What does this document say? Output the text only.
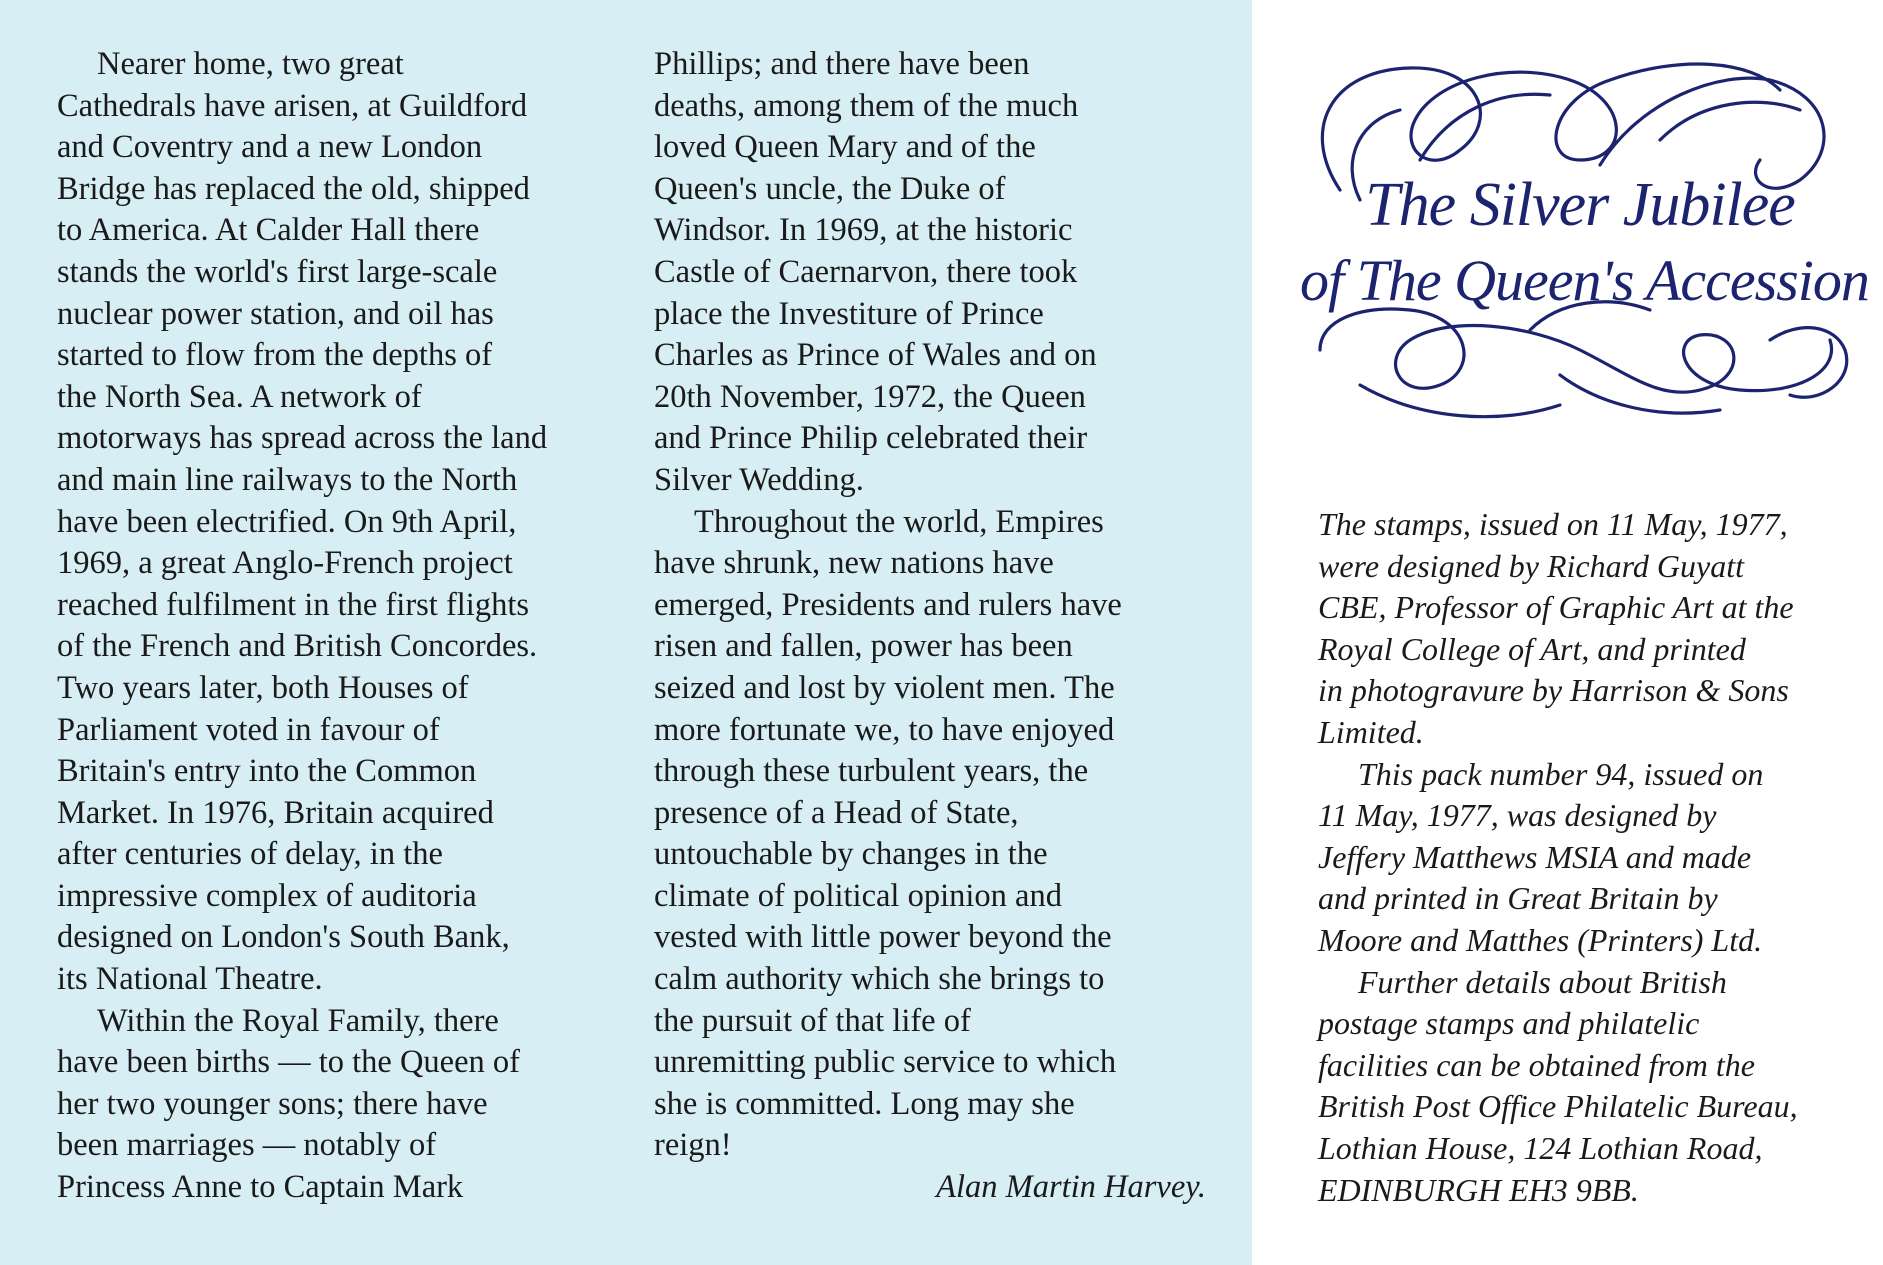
Nearer home, two great
Cathedrals have arisen, at Guildford
and Coventry and a new London
Bridge has replaced the old, shipped
to America. At Calder Hall there
stands the world's first large-scale
nuclear power station, and oil has
started to flow from the depths of
the North Sea. A network of
motorways has spread across the land
and main line railways to the North
have been electrified. On 9th April,
1969, a great Anglo-French project
reached fulfilment in the first flights
of the French and British Concordes.
Two years later, both Houses of
Parliament voted in favour of
Britain's entry into the Common
Market. In 1976, Britain acquired
after centuries of delay, in the
impressive complex of auditoria
designed on London's South Bank,
its National Theatre.
Within the Royal Family, there
have been births — to the Queen of
her two younger sons; there have
been marriages — notably of
Princess Anne to Captain Mark
Phillips; and there have been
deaths, among them of the much
loved Queen Mary and of the
Queen's uncle, the Duke of
Windsor. In 1969, at the historic
Castle of Caernarvon, there took
place the Investiture of Prince
Charles as Prince of Wales and on
20th November, 1972, the Queen
and Prince Philip celebrated their
Silver Wedding.
Throughout the world, Empires
have shrunk, new nations have
emerged, Presidents and rulers have
risen and fallen, power has been
seized and lost by violent men. The
more fortunate we, to have enjoyed
through these turbulent years, the
presence of a Head of State,
untouchable by changes in the
climate of political opinion and
vested with little power beyond the
calm authority which she brings to
the pursuit of that life of
unremitting public service to which
she is committed. Long may she
reign!
Alan Martin Harvey.
The Silver Jubilee
of The Queen's Accession
The stamps, issued on 11 May, 1977,
were designed by Richard Guyatt
CBE, Professor of Graphic Art at the
Royal College of Art, and printed
in photogravure by Harrison & Sons
Limited.
This pack number 94, issued on
11 May, 1977, was designed by
Jeffery Matthews MSIA and made
and printed in Great Britain by
Moore and Matthes (Printers) Ltd.
Further details about British
postage stamps and philatelic
facilities can be obtained from the
British Post Office Philatelic Bureau,
Lothian House, 124 Lothian Road,
EDINBURGH EH3 9BB.
